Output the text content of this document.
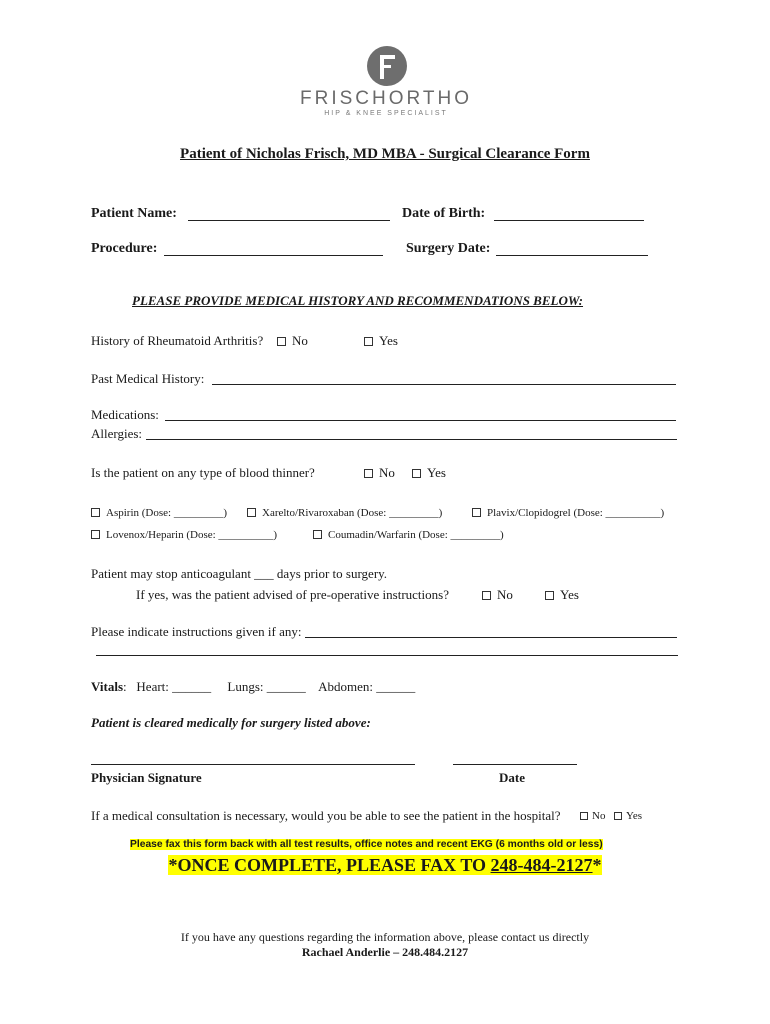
FRISCHORTHO
HIP & KNEE SPECIALIST
Patient of Nicholas Frisch, MD MBA - Surgical Clearance Form
Patient Name:	Date of Birth:
Procedure:	Surgery Date:
PLEASE PROVIDE MEDICAL HISTORY AND RECOMMENDATIONS BELOW:
History of Rheumatoid Arthritis?	No	Yes
Past Medical History:
Medications:
Allergies:
Is the patient on any type of blood thinner?	No	Yes
Aspirin (Dose: _________)	Xarelto/Rivaroxaban (Dose: _________)	Plavix/Clopidogrel (Dose: __________)
Lovenox/Heparin (Dose: __________)	Coumadin/Warfarin (Dose: _________)
Patient may stop anticoagulant ___ days prior to surgery.
If yes, was the patient advised of pre-operative instructions?	No	Yes
Please indicate instructions given if any:
Vitals:   Heart: ______ Lungs: ______ Abdomen: ______
Patient is cleared medically for surgery listed above:
Physician Signature	Date
If a medical consultation is necessary, would you be able to see the patient in the hospital?	No	Yes
Please fax this form back with all test results, office notes and recent EKG (6 months old or less)
*ONCE COMPLETE, PLEASE FAX TO 248-484-2127*
If you have any questions regarding the information above, please contact us directly
Rachael Anderlie – 248.484.2127
